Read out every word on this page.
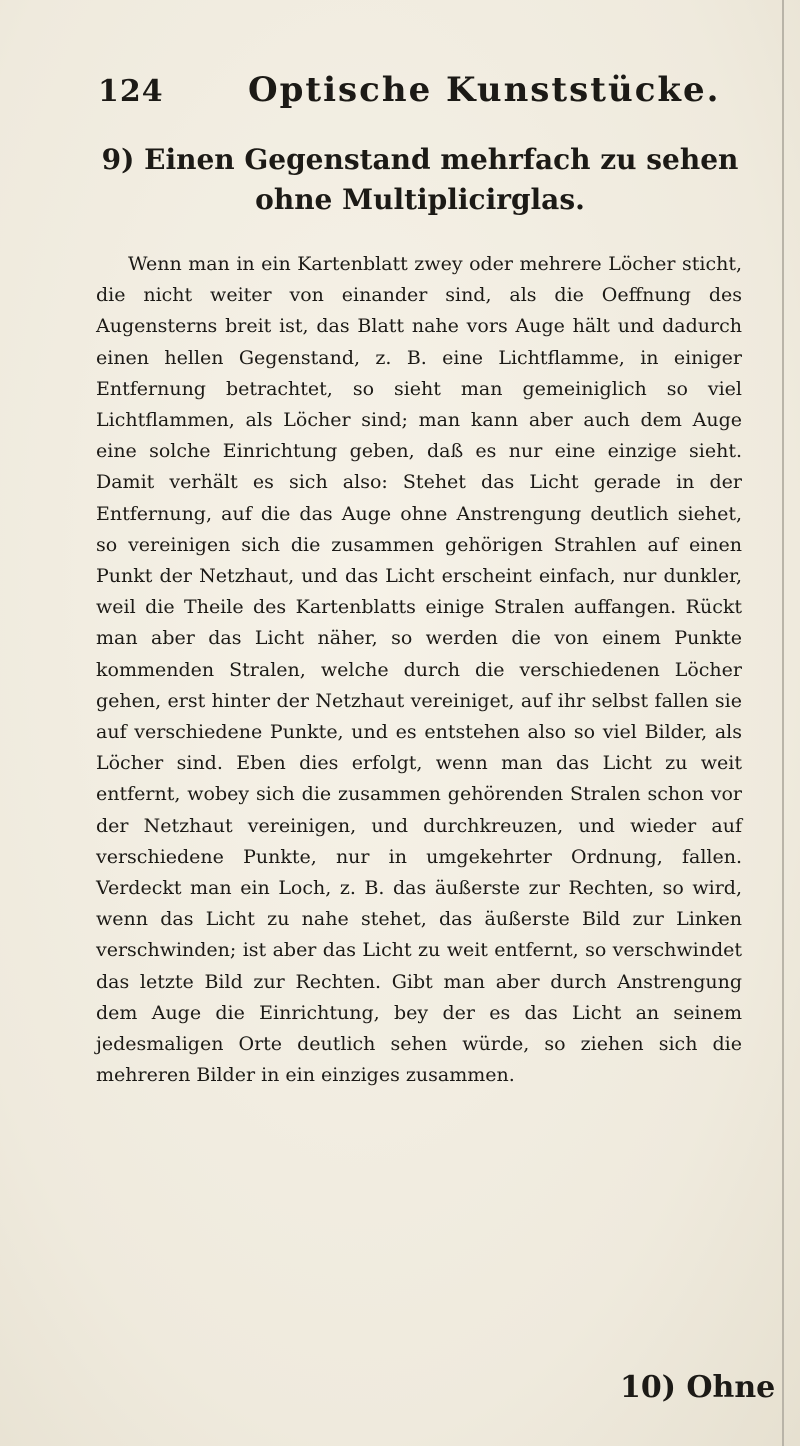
124 Optische Kunststücke.
9) Einen Gegenstand mehrfach zu sehen ohne Multiplicirglas.

Wenn man in ein Kartenblatt zwey oder mehrere Löcher sticht, die nicht weiter von einander sind, als die Oeffnung des Augensterns breit ist, das Blatt nahe vors Auge hält und dadurch einen hellen Gegenstand, z. B. eine Lichtflamme, in einiger Entfernung betrachtet, so sieht man gemeiniglich so viel Lichtflammen, als Löcher sind; man kann aber auch dem Auge eine solche Einrichtung geben, daß es nur eine einzige sieht. Damit verhält es sich also: Stehet das Licht gerade in der Entfernung, auf die das Auge ohne Anstrengung deutlich siehet, so vereinigen sich die zusammen gehörigen Strahlen auf einen Punkt der Netzhaut, und das Licht erscheint einfach, nur dunkler, weil die Theile des Kartenblatts einige Stralen auffangen. Rückt man aber das Licht näher, so werden die von einem Punkte kommenden Stralen, welche durch die verschiedenen Löcher gehen, erst hinter der Netzhaut vereiniget, auf ihr selbst fallen sie auf verschiedene Punkte, und es entstehen also so viel Bilder, als Löcher sind. Eben dies erfolgt, wenn man das Licht zu weit entfernt, wobey sich die zusammen gehörenden Stralen schon vor der Netzhaut vereinigen, und durchkreuzen, und wieder auf verschiedene Punkte, nur in umgekehrter Ordnung, fallen. Verdeckt man ein Loch, z. B. das äußerste zur Rechten, so wird, wenn das Licht zu nahe stehet, das äußerste Bild zur Linken verschwinden; ist aber das Licht zu weit entfernt, so verschwindet das letzte Bild zur Rechten. Gibt man aber durch Anstrengung dem Auge die Einrichtung, bey der es das Licht an seinem jedesmaligen Orte deutlich sehen würde, so ziehen sich die mehreren Bilder in ein einziges zusammen.

10) Ohne
